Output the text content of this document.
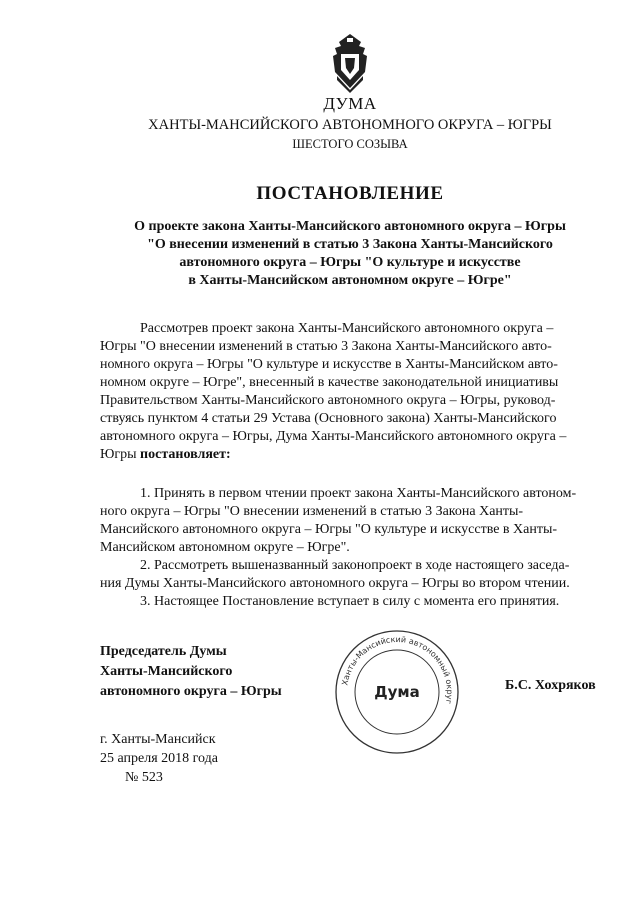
ДУМА
ХАНТЫ-МАНСИЙСКОГО АВТОНОМНОГО ОКРУГА – ЮГРЫ
ШЕСТОГО СОЗЫВА
ПОСТАНОВЛЕНИЕ
О проекте закона Ханты-Мансийского автономного округа – Югры
"О внесении изменений в статью 3 Закона Ханты-Мансийского
автономного округа – Югры "О культуре и искусстве
в Ханты-Мансийском автономном округе – Югре"
Рассмотрев проект закона Ханты-Мансийского автономного округа –
Югры "О внесении изменений в статью 3 Закона Ханты-Мансийского авто-
номного округа – Югры "О культуре и искусстве в Ханты-Мансийском авто-
номном округе – Югре", внесенный в качестве законодательной инициативы
Правительством Ханты-Мансийского автономного округа – Югры, руковод-
ствуясь пунктом 4 статьи 29 Устава (Основного закона) Ханты-Мансийского
автономного округа – Югры, Дума Ханты-Мансийского автономного округа –
Югры постановляет:
1. Принять в первом чтении проект закона Ханты-Мансийского автоном-
ного округа – Югры "О внесении изменений в статью 3 Закона Ханты-
Мансийского автономного округа – Югры "О культуре и искусстве в Ханты-
Мансийском автономном округе – Югре".
2. Рассмотреть вышеназванный законопроект в ходе настоящего заседа-
ния Думы Ханты-Мансийского автономного округа – Югры во втором чтении.
3. Настоящее Постановление вступает в силу с момента его принятия.
Председатель Думы
Ханты-Мансийского
автономного округа – Югры
Ханты-Мансийский автономный округ
Дума	Б.С. Хохряков
г. Ханты-Мансийск
25 апреля 2018 года
№ 523
